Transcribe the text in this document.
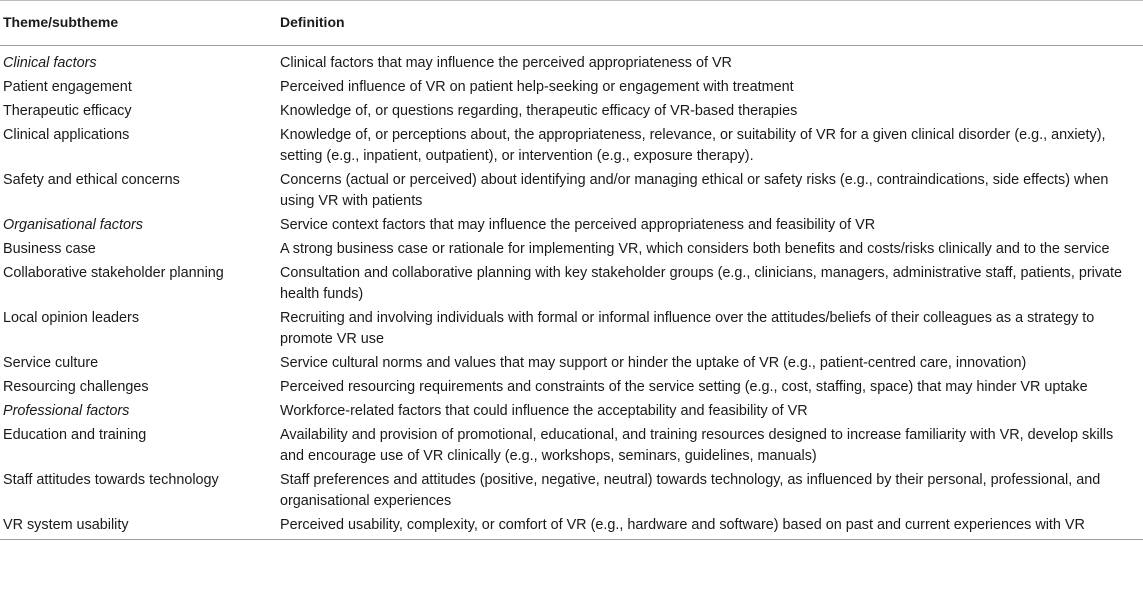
Theme/subtheme	Definition
Clinical factors	Clinical factors that may influence the perceived appropriateness of VR
Patient engagement	Perceived influence of VR on patient help-seeking or engagement with treatment
Therapeutic efficacy	Knowledge of, or questions regarding, therapeutic efficacy of VR-based therapies
Clinical applications	Knowledge of, or perceptions about, the appropriateness, relevance, or suitability of VR for a given clinical disorder (e.g., anxiety), setting (e.g., inpatient, outpatient), or intervention (e.g., exposure therapy).
Safety and ethical concerns	Concerns (actual or perceived) about identifying and/or managing ethical or safety risks (e.g., contraindications, side effects) when using VR with patients
Organisational factors	Service context factors that may influence the perceived appropriateness and feasibility of VR
Business case	A strong business case or rationale for implementing VR, which considers both benefits and costs/risks clinically and to the service
Collaborative stakeholder planning	Consultation and collaborative planning with key stakeholder groups (e.g., clinicians, managers, administrative staff, patients, private health funds)
Local opinion leaders	Recruiting and involving individuals with formal or informal influence over the attitudes/beliefs of their colleagues as a strategy to promote VR use
Service culture	Service cultural norms and values that may support or hinder the uptake of VR (e.g., patient-centred care, innovation)
Resourcing challenges	Perceived resourcing requirements and constraints of the service setting (e.g., cost, staffing, space) that may hinder VR uptake
Professional factors	Workforce-related factors that could influence the acceptability and feasibility of VR
Education and training	Availability and provision of promotional, educational, and training resources designed to increase familiarity with VR, develop skills and encourage use of VR clinically (e.g., workshops, seminars, guidelines, manuals)
Staff attitudes towards technology	Staff preferences and attitudes (positive, negative, neutral) towards technology, as influenced by their personal, professional, and organisational experiences
VR system usability	Perceived usability, complexity, or comfort of VR (e.g., hardware and software) based on past and current experiences with VR
